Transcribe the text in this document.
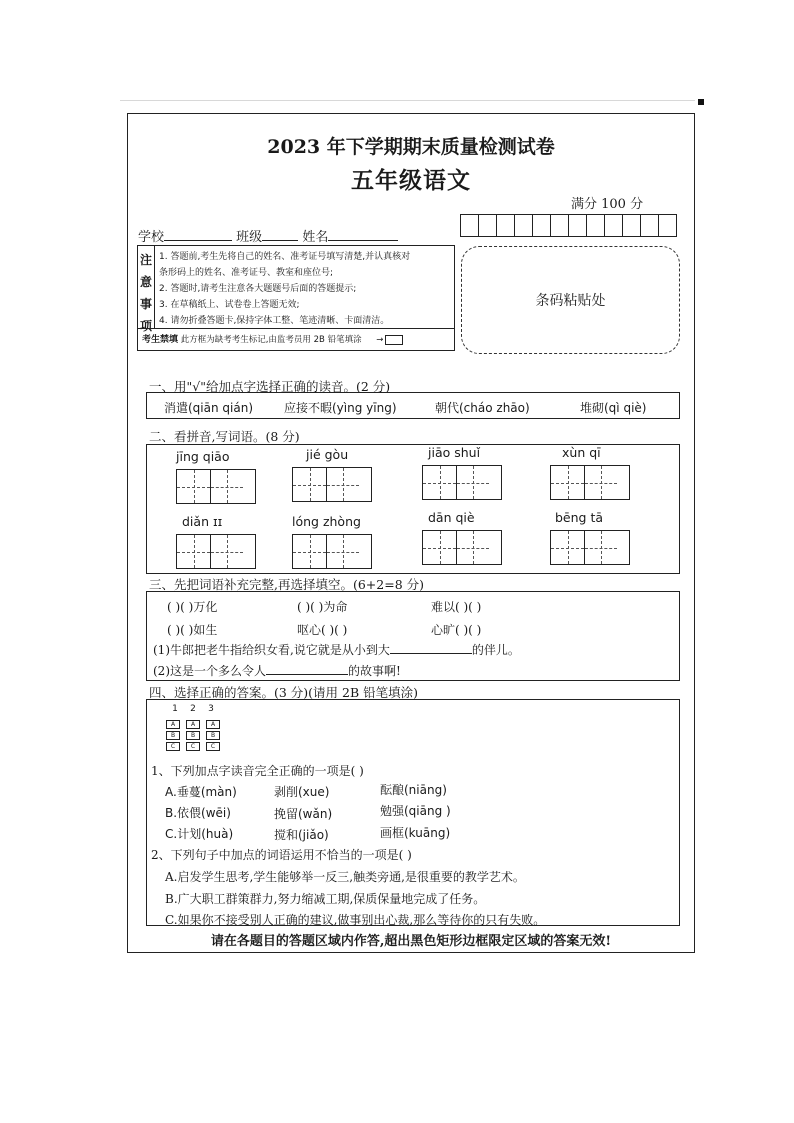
2023 年下学期期末质量检测试卷
五年级语文
满分 100 分
学校	班级	姓名
注
意
事
项
1. 答题前,考生先将自己的姓名、准考证号填写清楚,并认真核对
条形码上的姓名、准考证号、教室和座位号;
2. 答题时,请考生注意各大题题号后面的答题提示;
3. 在草稿纸上、试卷卷上答题无效;
4. 请勿折叠答题卡,保持字体工整、笔迹清晰、卡面清洁。
考生禁填 此方框为缺考考生标记,由监考员用 2B 铅笔填涂 →
条码粘贴处
一、用"√"给加点字选择正确的读音。(2 分)
消遣(qiān qián)	应接不暇(yìng yīng)	朝代(cháo zhāo)	堆砌(qì qiè)
二、看拼音,写词语。(8 分)
jīng qiāo	jié gòu	jiāo shuǐ	xùn qī
diǎn ɪɪ	lóng zhòng	dān qiè	bēng tā
三、先把词语补充完整,再选择填空。(6+2=8 分)
( )( )万化	( )( )为命	难以( )( )
( )( )如生	呕心( )( )	心旷( )( )
(1)牛郎把老牛指给织女看,说它就是从小到大	的伴儿。
(2)这是一个多么令人	的故事啊!
四、选择正确的答案。(3 分)(请用 2B 铅笔填涂)
1 2 3
A	A	A
B	B	B
C	C	C
1、下列加点字读音完全正确的一项是( )
A.垂蔓(màn)	剥削(xue)	酝酿(niāng)
B.依偎(wēi)	挽留(wǎn)	勉强(qiāng )
C.计划(huà)	搅和(jiǎo)	画框(kuāng)
2、下列句子中加点的词语运用不恰当的一项是( )
A.启发学生思考,学生能够举一反三,触类旁通,是很重要的教学艺术。
B.广大职工群策群力,努力缩减工期,保质保量地完成了任务。
C.如果你不接受别人正确的建议,做事别出心裁,那么等待你的只有失败。
请在各题目的答题区域内作答,超出黑色矩形边框限定区域的答案无效!
